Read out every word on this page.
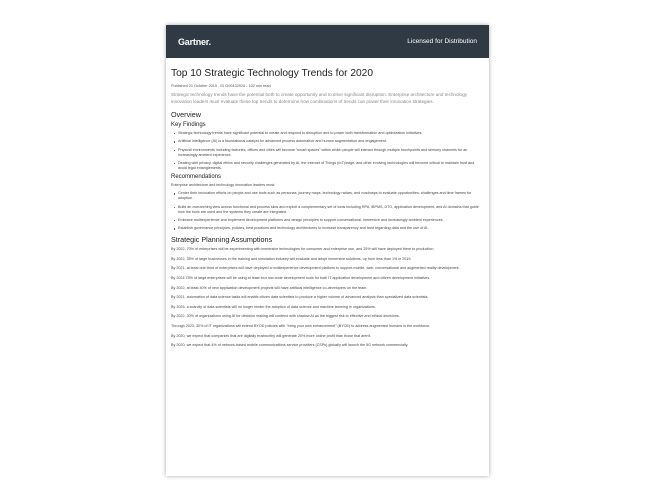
Gartner.	Licensed for Distribution
Top 10 Strategic Technology Trends for 2020
Published 21 October 2019 - ID G00432920 - 102 min read
Strategic technology trends have the potential both to create opportunity and to drive significant disruption. Enterprise architecture and technology innovation leaders must evaluate these top trends to determine how combinations of trends can power their innovation strategies.
Overview
Key Findings
Strategic technology trends have significant potential to create and respond to disruption and to power both transformation and optimization initiatives.
Artificial intelligence (AI) is a foundational catalyst for advanced process automation and human augmentation and engagement.
Physical environments including factories, offices and cities will become "smart spaces" within which people will interact through multiple touchpoints and sensory channels for an increasingly ambient experience.
Dealing with privacy, digital ethics and security challenges generated by AI, the Internet of Things (IoT)/edge, and other evolving technologies will become critical to maintain trust and avoid legal entanglements.
Recommendations

Enterprise architecture and technology innovation leaders must:

Center their innovation efforts on people and use tools such as personas, journey maps, technology radars, and roadmaps to evaluate opportunities, challenges and time frames for adoption.
Build an overarching view across functional and process silos and exploit a complementary set of tools including RPA, iBPMS, DTO, application development, and AI domains that guide how the tools are used and the systems they create are integrated.
Embrace multiexperience and implement development platforms and design principles to support conversational, immersive and increasingly ambient experiences.
Establish governance principles, policies, best practices and technology architectures to increase transparency and trust regarding data and the use of AI.
Strategic Planning Assumptions

By 2022, 70% of enterprises will be experimenting with immersive technologies for consumer and enterprise use, and 25% will have deployed them to production.

By 2022, 35% of large businesses in the training and simulation industry will evaluate and adopt immersive solutions, up from less than 1% in 2019.

By 2021, at least one-third of enterprises will have deployed a multiexperience development platform to support mobile, web, conversational and augmented reality development.

By 2024 75% of large enterprises will be using at least four low-code development tools for both IT application development and citizen development initiatives.

By 2022, at least 40% of new application development projects will have artificial intelligence co-developers on the team.

By 2021, automation of data science tasks will enable citizen data scientists to produce a higher volume of advanced analysis than specialized data scientists.

By 2025, a scarcity of data scientists will no longer hinder the adoption of data science and machine learning in organizations.

By 2022, 30% of organizations using AI for decision making will contend with shadow AI as the biggest risk to effective and ethical decisions.

Through 2023, 30% of IT organizations will extend BYOD policies with "bring your own enhancement" (BYOE) to address augmented humans in the workforce.

By 2020, we expect that companies that are digitally trustworthy will generate 20% more online profit than those that aren't.

By 2020, we expect that 4% of network-based mobile communications service providers (CSPs) globally will launch the 5G network commercially.
